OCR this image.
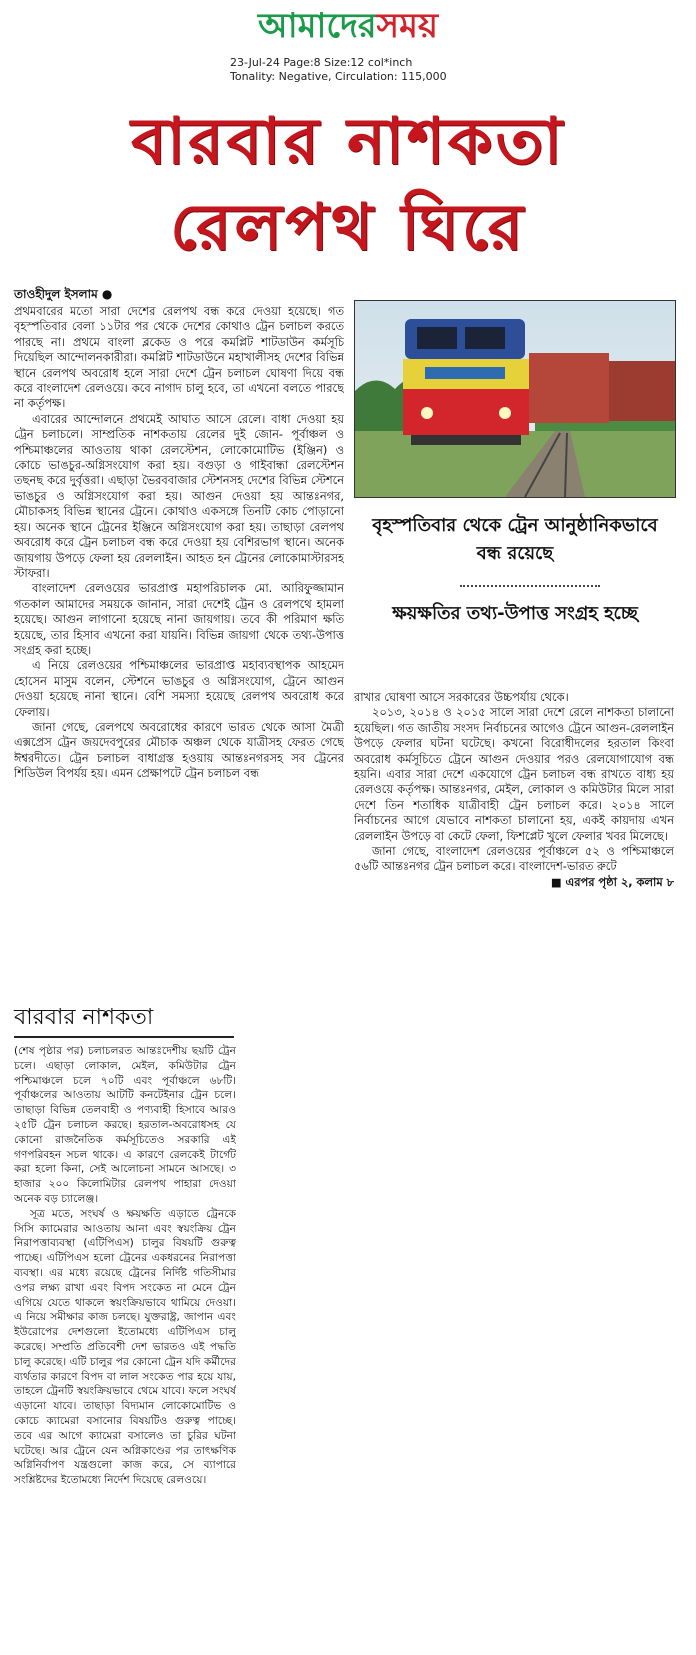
আমাদেরসময়
23-Jul-24 Page:8 Size:12 col*inch
Tonality: Negative, Circulation: 115,000
বারবার নাশকতা
রেলপথ ঘিরে
তাওহীদুল ইসলাম ●

প্রথমবারের মতো সারা দেশের রেলপথ বন্ধ করে দেওয়া হয়েছে। গত বৃহস্পতিবার বেলা ১১টার পর থেকে দেশের কোথাও ট্রেন চলাচল করতে পারছে না। প্রথমে বাংলা ব্লকেড ও পরে কমপ্লিট শাটডাউন কর্মসূচি দিয়েছিল আন্দোলনকারীরা। কমপ্লিট শাটডাউনে মহাখালীসহ দেশের বিভিন্ন স্থানে রেলপথ অবরোধ হলে সারা দেশে ট্রেন চলাচল ঘোষণা দিয়ে বন্ধ করে বাংলাদেশ রেলওয়ে। কবে নাগাদ চালু হবে, তা এখনো বলতে পারছে না কর্তৃপক্ষ।

এবারের আন্দোলনে প্রথমেই আঘাত আসে রেলে। বাধা দেওয়া হয় ট্রেন চলাচলে। সাম্প্রতিক নাশকতায় রেলের দুই জোন- পূর্বাঞ্চল ও পশ্চিমাঞ্চলের আওতায় থাকা রেলস্টেশন, লোকোমোটিভ (ইঞ্জিন) ও কোচে ভাঙচুর-অগ্নিসংযোগ করা হয়। বগুড়া ও গাইবান্ধা রেলস্টেশন তছনছ করে দুর্বৃত্তরা। এছাড়া ভৈরববাজার স্টেশনসহ দেশের বিভিন্ন স্টেশনে ভাঙচুর ও অগ্নিসংযোগ করা হয়। আগুন দেওয়া হয় আন্তঃনগর, মৌচাকসহ বিভিন্ন স্থানের ট্রেনে। কোথাও একসঙ্গে তিনটি কোচ পোড়ানো হয়। অনেক স্থানে ট্রেনের ইঞ্জিনে অগ্নিসংযোগ করা হয়। তাছাড়া রেলপথ অবরোধ করে ট্রেন চলাচল বন্ধ করে দেওয়া হয় বেশিরভাগ স্থানে। অনেক জায়গায় উপড়ে ফেলা হয় রেললাইন। আহত হন ট্রেনের লোকোমাস্টারসহ স্টাফরা।

বাংলাদেশ রেলওয়ের ভারপ্রাপ্ত মহাপরিচালক মো. আরিফুজ্জামান গতকাল আমাদের সময়কে জানান, সারা দেশেই ট্রেন ও রেলপথে হামলা হয়েছে। আগুন লাগানো হয়েছে নানা জায়গায়। তবে কী পরিমাণ ক্ষতি হয়েছে, তার হিসাব এখনো করা যায়নি। বিভিন্ন জায়গা থেকে তথ্য-উপাত্ত সংগ্রহ করা হচ্ছে।

এ নিয়ে রেলওয়ের পশ্চিমাঞ্চলের ভারপ্রাপ্ত মহাব্যবস্থাপক আহমেদ হোসেন মাসুম বলেন, স্টেশনে ভাঙচুর ও অগ্নিসংযোগ, ট্রেনে আগুন দেওয়া হয়েছে নানা স্থানে। বেশি সমস্যা হয়েছে রেলপথ অবরোধ করে ফেলায়।

জানা গেছে, রেলপথে অবরোধের কারণে ভারত থেকে আসা মৈত্রী এক্সপ্রেস ট্রেন জয়দেবপুরের মৌচাক অঞ্চল থেকে যাত্রীসহ ফেরত গেছে ঈশ্বরদীতে। ট্রেন চলাচল বাধাগ্রস্ত হওয়ায় আন্তঃনগরসহ সব ট্রেনের শিডিউল বিপর্যয় হয়। এমন প্রেক্ষাপটে ট্রেন চলাচল বন্ধ

বৃহস্পতিবার থেকে ট্রেন আনুষ্ঠানিকভাবে বন্ধ রয়েছে
ক্ষয়ক্ষতির তথ্য-উপাত্ত সংগ্রহ হচ্ছে

রাখার ঘোষণা আসে সরকারের উচ্চপর্যায় থেকে।

২০১৩, ২০১৪ ও ২০১৫ সালে সারা দেশে রেলে নাশকতা চালানো হয়েছিল। গত জাতীয় সংসদ নির্বাচনের আগেও ট্রেনে আগুন-রেললাইন উপড়ে ফেলার ঘটনা ঘটেছে। কখনো বিরোধীদলের হরতাল কিংবা অবরোধ কর্মসূচিতে ট্রেনে আগুন দেওয়ার পরও রেলযোগাযোগ বন্ধ হয়নি। এবার সারা দেশে একযোগে ট্রেন চলাচল বন্ধ রাখতে বাধ্য হয় রেলওয়ে কর্তৃপক্ষ। আন্তঃনগর, মেইল, লোকাল ও কমিউটার মিলে সারা দেশে তিন শতাধিক যাত্রীবাহী ট্রেন চলাচল করে। ২০১৪ সালে নির্বাচনের আগে যেভাবে নাশকতা চালানো হয়, একই কায়দায় এখন রেললাইন উপড়ে বা কেটে ফেলা, ফিশপ্লেট খুলে ফেলার খবর মিলেছে।

জানা গেছে, বাংলাদেশ রেলওয়ের পূর্বাঞ্চলে ৫২ ও পশ্চিমাঞ্চলে ৫৬টি আন্তঃনগর ট্রেন চলাচল করে। বাংলাদেশ-ভারত রুটে

■ এরপর পৃষ্ঠা ২, কলাম ৮

বারবার নাশকতা

(শেষ পৃষ্ঠার পর) চলাচলরত আন্তঃদেশীয় ছয়টি ট্রেন চলে। এছাড়া লোকাল, মেইল, কমিউটার ট্রেন পশ্চিমাঞ্চলে চলে ৭০টি এবং পূর্বাঞ্চলে ৬৮টি। পূর্বাঞ্চলের আওতায় আটটি কনটেইনার ট্রেন চলে। তাছাড়া বিভিন্ন তেলবাহী ও পণ্যবাহী হিসাবে আরও ২৫টি ট্রেন চলাচল করছে। হরতাল-অবরোধসহ যে কোনো রাজনৈতিক কর্মসূচিতেও সরকারি এই গণপরিবহন সচল থাকে। এ কারণে রেলকেই টার্গেট করা হলো কিনা, সেই আলোচনা সামনে আসছে। ৩ হাজার ২০০ কিলোমিটার রেলপথ পাহারা দেওয়া অনেক বড় চ্যালেঞ্জ।

সূত্র মতে, সংঘর্ষ ও ক্ষয়ক্ষতি এড়াতে ট্রেনকে সিসি ক্যামেরার আওতায় আনা এবং স্বয়ংক্রিয় ট্রেন নিরাপত্তাব্যবস্থা (এটিপিএস) চালুর বিষয়টি গুরুত্ব পাচ্ছে। এটিপিএস হলো ট্রেনের একধরনের নিরাপত্তা ব্যবস্থা। এর মধ্যে রয়েছে ট্রেনের নির্দিষ্ট গতিসীমার ওপর লক্ষ্য রাখা এবং বিপদ সংকেত না মেনে ট্রেন এগিয়ে যেতে থাকলে স্বয়ংক্রিয়ভাবে থামিয়ে দেওয়া। এ নিয়ে সমীক্ষার কাজ চলছে। যুক্তরাষ্ট্র, জাপান এবং ইউরোপের দেশগুলো ইতোমধ্যে এটিপিএস চালু করেছে। সম্প্রতি প্রতিবেশী দেশ ভারতও এই পদ্ধতি চালু করেছে। এটি চালুর পর কোনো ট্রেন যদি কর্মীদের ব্যর্থতার কারণে বিপদ বা লাল সংকেত পার হয়ে যায়, তাহলে ট্রেনটি স্বয়ংক্রিয়ভাবে থেমে যাবে। ফলে সংঘর্ষ এড়ানো যাবে। তাছাড়া বিদ্যমান লোকোমোটিভ ও কোচে ক্যামেরা বসানোর বিষয়টিও গুরুত্ব পাচ্ছে। তবে এর আগে ক্যামেরা বসালেও তা চুরির ঘটনা ঘটেছে। আর ট্রেনে যেন অগ্নিকাণ্ডের পর তাৎক্ষণিক অগ্নিনির্বাপণ যন্ত্রগুলো কাজ করে, সে ব্যাপারে সংশ্লিষ্টদের ইতোমধ্যে নির্দেশ দিয়েছে রেলওয়ে।
